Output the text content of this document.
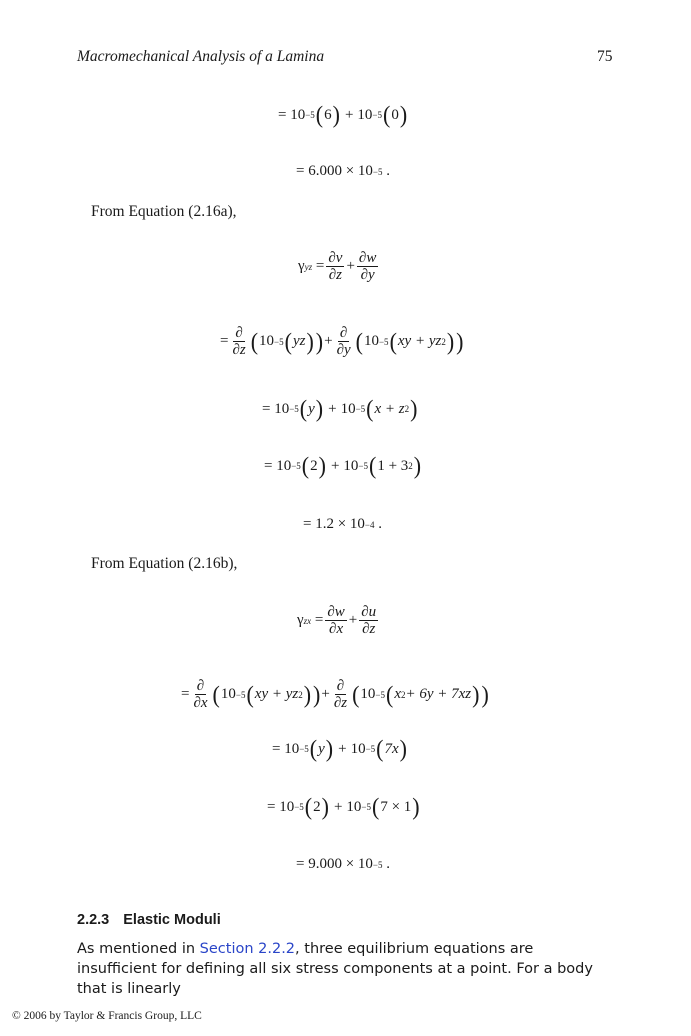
Macromechanical Analysis of a Lamina	75
=
10 −5 ( 6 ) + 10 −5 ( 0 )
= 6.000 × 10 −5
.
From Equation (2.16a),
γ yz
= $\frac{\partial v}{\partial z} + \frac{\partial w}{\partial y}$
= $\frac{\partial}{\partial z}$ ( 10 −5 ( yz ) ) + $\frac{\partial}{\partial y}$ ( 10 −5 ( xy + yz 2 ) )
=
10 −5 ( y ) + 10 −5 ( x + z 2 )
=
10 −5 ( 2 ) + 10 −5 ( 1 + 3 2 )
= 1.2 × 10 −4
.
From Equation (2.16b),
γ zx
= $\frac{\partial w}{\partial x} + \frac{\partial u}{\partial z}$
= $\frac{\partial}{\partial x}$ ( 10 −5 ( xy + yz 2 ) ) + $\frac{\partial}{\partial z}$ ( 10 −5 ( x 2 + 6y + 7xz ) )
=
10 −5 ( y ) + 10 −5 ( 7x )
=
10 −5 ( 2 ) + 10 −5 ( 7 × 1 )
= 9.000 × 10 −5
.
2.2.3 Elastic Moduli
As mentioned in Section 2.2.2, three equilibrium equations are insufficient for defining all six stress components at a point. For a body that is linearly
© 2006 by Taylor & Francis Group, LLC
